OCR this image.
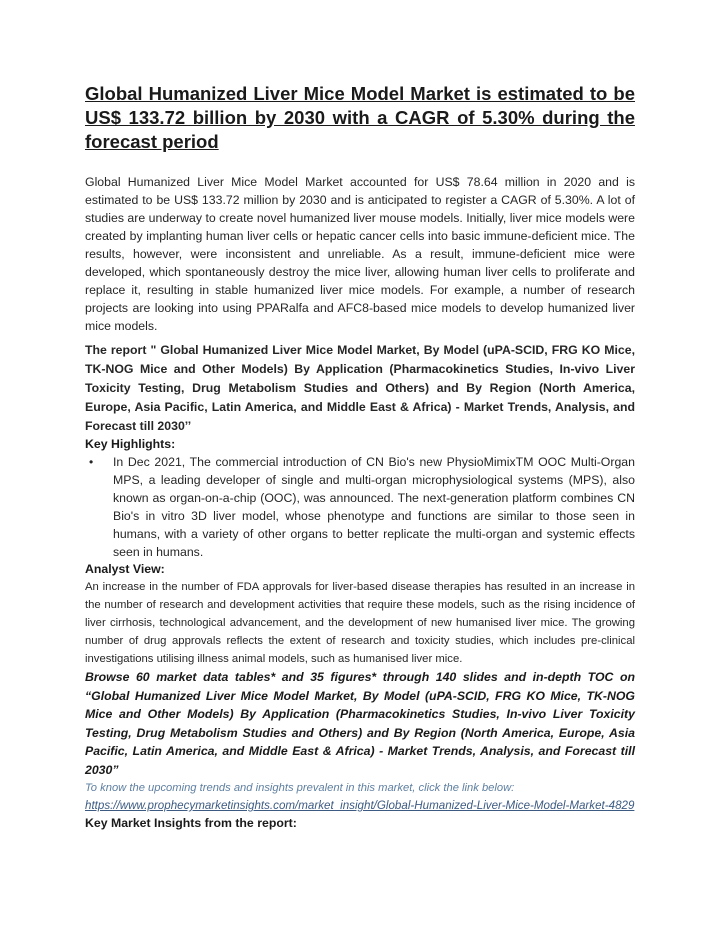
Global Humanized Liver Mice Model Market is estimated to be US$ 133.72 billion by 2030 with a CAGR of 5.30% during the forecast period

Global Humanized Liver Mice Model Market accounted for US$ 78.64 million in 2020 and is estimated to be US$ 133.72 million by 2030 and is anticipated to register a CAGR of 5.30%. A lot of studies are underway to create novel humanized liver mouse models. Initially, liver mice models were created by implanting human liver cells or hepatic cancer cells into basic immune-deficient mice. The results, however, were inconsistent and unreliable. As a result, immune-deficient mice were developed, which spontaneously destroy the mice liver, allowing human liver cells to proliferate and replace it, resulting in stable humanized liver mice models. For example, a number of research projects are looking into using PPARalfa and AFC8-based mice models to develop humanized liver mice models.

The report " Global Humanized Liver Mice Model Market, By Model (uPA-SCID, FRG KO Mice, TK-NOG Mice and Other Models) By Application (Pharmacokinetics Studies, In-vivo Liver Toxicity Testing, Drug Metabolism Studies and Others) and By Region (North America, Europe, Asia Pacific, Latin America, and Middle East & Africa) - Market Trends, Analysis, and Forecast till 2030’’

Key Highlights:

•	In Dec 2021, The commercial introduction of CN Bio's new PhysioMimixTM OOC Multi-Organ MPS, a leading developer of single and multi-organ microphysiological systems (MPS), also known as organ-on-a-chip (OOC), was announced. The next-generation platform combines CN Bio's in vitro 3D liver model, whose phenotype and functions are similar to those seen in humans, with a variety of other organs to better replicate the multi-organ and systemic effects seen in humans.

Analyst View:

An increase in the number of FDA approvals for liver-based disease therapies has resulted in an increase in the number of research and development activities that require these models, such as the rising incidence of liver cirrhosis, technological advancement, and the development of new humanised liver mice. The growing number of drug approvals reflects the extent of research and toxicity studies, which includes pre-clinical investigations utilising illness animal models, such as humanised liver mice.

Browse 60 market data tables* and 35 figures* through 140 slides and in-depth TOC on “Global Humanized Liver Mice Model Market, By Model (uPA-SCID, FRG KO Mice, TK-NOG Mice and Other Models) By Application (Pharmacokinetics Studies, In-vivo Liver Toxicity Testing, Drug Metabolism Studies and Others) and By Region (North America, Europe, Asia Pacific, Latin America, and Middle East & Africa) - Market Trends, Analysis, and Forecast till 2030”

To know the upcoming trends and insights prevalent in this market, click the link below:

https://www.prophecymarketinsights.com/market_insight/Global-Humanized-Liver-Mice-Model-Market-4829

Key Market Insights from the report:
